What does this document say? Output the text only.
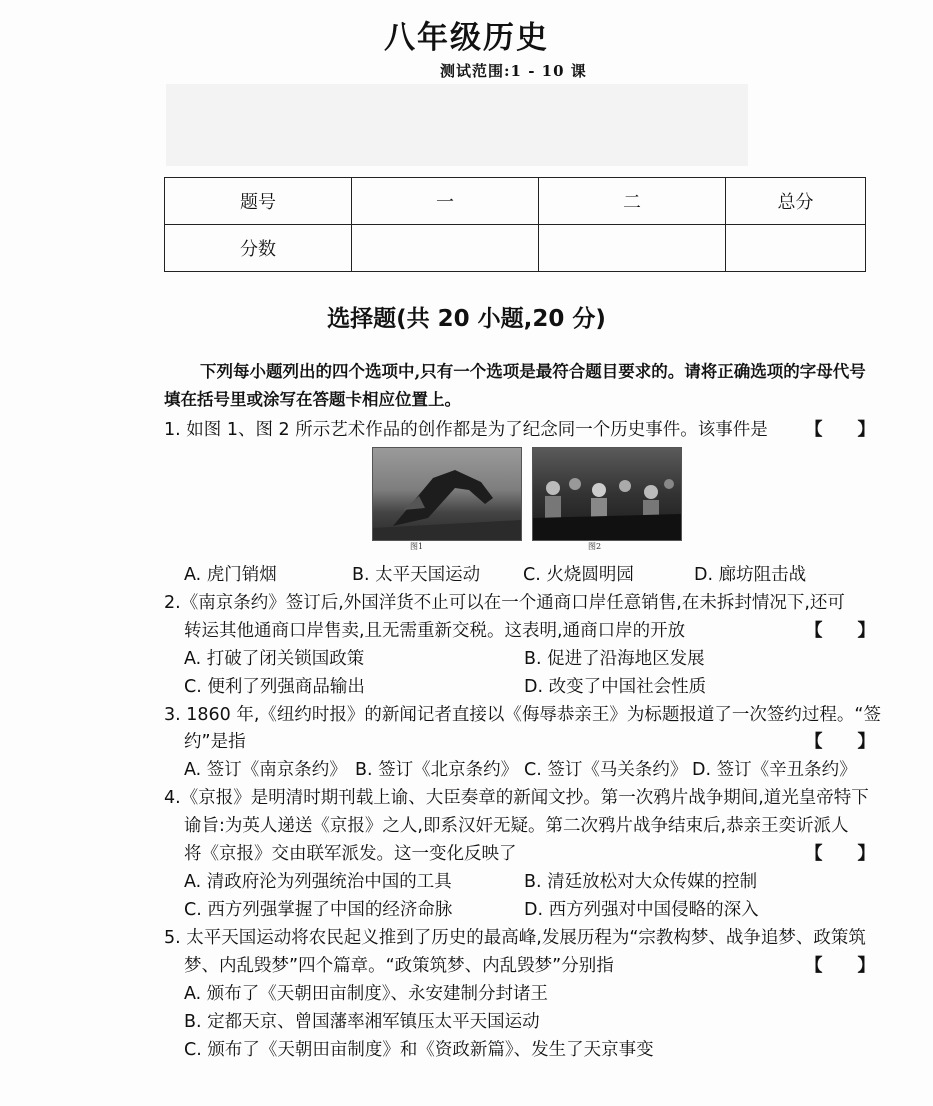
八年级历史
测试范围:1 - 10 课
题号	一	二	总分
分数			
选择题(共 20 小题,20 分)
下列每小题列出的四个选项中,只有一个选项是最符合题目要求的。请将正确选项的字母代号填在括号里或涂写在答题卡相应位置上。
1. 如图 1、图 2 所示艺术作品的创作都是为了纪念同一个历史事件。该事件是 【　　】
图1	图2
A. 虎门销烟	B. 太平天国运动 C. 火烧圆明园	D. 廊坊阻击战
2.《南京条约》签订后,外国洋货不止可以在一个通商口岸任意销售,在未拆封情况下,还可
转运其他通商口岸售卖,且无需重新交税。这表明,通商口岸的开放	【　　】
A. 打破了闭关锁国政策	B. 促进了沿海地区发展
C. 便利了列强商品输出	D. 改变了中国社会性质
3. 1860 年,《纽约时报》的新闻记者直接以《侮辱恭亲王》为标题报道了一次签约过程。“签
约”是指	【　　】
A. 签订《南京条约》 B. 签订《北京条约》 C. 签订《马关条约》 D. 签订《辛丑条约》
4.《京报》是明清时期刊载上谕、大臣奏章的新闻文抄。第一次鸦片战争期间,道光皇帝特下
谕旨:为英人递送《京报》之人,即系汉奸无疑。第二次鸦片战争结束后,恭亲王奕䜣派人
将《京报》交由联军派发。这一变化反映了	【　　】
A. 清政府沦为列强统治中国的工具	B. 清廷放松对大众传媒的控制
C. 西方列强掌握了中国的经济命脉	D. 西方列强对中国侵略的深入
5. 太平天国运动将农民起义推到了历史的最高峰,发展历程为“宗教构梦、战争追梦、政策筑
梦、内乱毁梦”四个篇章。“政策筑梦、内乱毁梦”分别指	【　　】
A. 颁布了《天朝田亩制度》、永安建制分封诸王
B. 定都天京、曾国藩率湘军镇压太平天国运动
C. 颁布了《天朝田亩制度》和《资政新篇》、发生了天京事变
